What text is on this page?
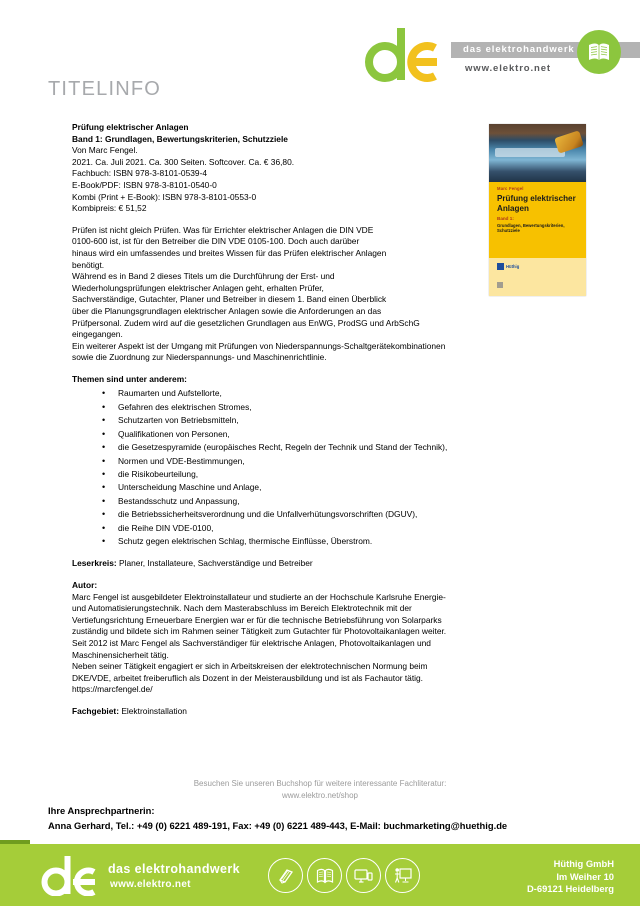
das elektrohandwerk
www.elektro.net
TITELINFO
Marc Fengel
Prüfung elektrischer Anlagen
Band 1:
Grundlagen, Bewertungskriterien, Schutzziele
Hüthig

Prüfung elektrischer Anlagen

Band 1: Grundlagen, Bewertungskriterien, Schutzziele

Von Marc Fengel.

2021. Ca. Juli 2021. Ca. 300 Seiten. Softcover. Ca. € 36,80.

Fachbuch: ISBN 978-3-8101-0539-4

E-Book/PDF: ISBN 978-3-8101-0540-0

Kombi (Print + E-Book): ISBN 978-3-8101-0553-0

Kombipreis: € 51,52

Prüfen ist nicht gleich Prüfen. Was für Errichter elektrischer Anlagen die DIN VDE

0100-600 ist, ist für den Betreiber die DIN VDE 0105-100. Doch auch darüber

hinaus wird ein umfassendes und breites Wissen für das Prüfen elektrischer Anlagen

benötigt.

Während es in Band 2 dieses Titels um die Durchführung der Erst- und

Wiederholungsprüfungen elektrischer Anlagen geht, erhalten Prüfer,

Sachverständige, Gutachter, Planer und Betreiber in diesem 1. Band einen Überblick

über die Planungsgrundlagen elektrischer Anlagen sowie die Anforderungen an das

Prüfpersonal. Zudem wird auf die gesetzlichen Grundlagen aus EnWG, ProdSG und ArbSchG

eingegangen.

Ein weiterer Aspekt ist der Umgang mit Prüfungen von Niederspannungs-Schaltgerätekombinationen

sowie die Zuordnung zur Niederspannungs- und Maschinenrichtlinie.

Themen sind unter anderem:

• Raumarten und Aufstellorte,
• Gefahren des elektrischen Stromes,
• Schutzarten von Betriebsmitteln,
• Qualifikationen von Personen,
• die Gesetzespyramide (europäisches Recht, Regeln der Technik und Stand der Technik),
• Normen und VDE-Bestimmungen,
• die Risikobeurteilung,
• Unterscheidung Maschine und Anlage,
• Bestandsschutz und Anpassung,
• die Betriebssicherheitsverordnung und die Unfallverhütungsvorschriften (DGUV),
• die Reihe DIN VDE-0100,
• Schutz gegen elektrischen Schlag, thermische Einflüsse, Überstrom.

Leserkreis: Planer, Installateure, Sachverständige und Betreiber

Autor:

Marc Fengel ist ausgebildeter Elektroinstallateur und studierte an der Hochschule Karlsruhe Energie-

und Automatisierungstechnik. Nach dem Masterabschluss im Bereich Elektrotechnik mit der

Vertiefungsrichtung Erneuerbare Energien war er für die technische Betriebsführung von Solarparks

zuständig und bildete sich im Rahmen seiner Tätigkeit zum Gutachter für Photovoltaikanlagen weiter.

Seit 2012 ist Marc Fengel als Sachverständiger für elektrische Anlagen, Photovoltaikanlagen und

Maschinensicherheit tätig.

Neben seiner Tätigkeit engagiert er sich in Arbeitskreisen der elektrotechnischen Normung beim

DKE/VDE, arbeitet freiberuflich als Dozent in der Meisterausbildung und ist als Fachautor tätig.

https://marcfengel.de/

Fachgebiet: Elektroinstallation

Besuchen Sie unseren Buchshop für weitere interessante Fachliteratur:
www.elektro.net/shop
Ihre Ansprechpartnerin:
Anna Gerhard, Tel.: +49 (0) 6221 489-191, Fax: +49 (0) 6221 489-443, E-Mail: buchmarketing@huethig.de
das elektrohandwerk
www.elektro.net
Hüthig GmbH
Im Weiher 10
D-69121 Heidelberg
